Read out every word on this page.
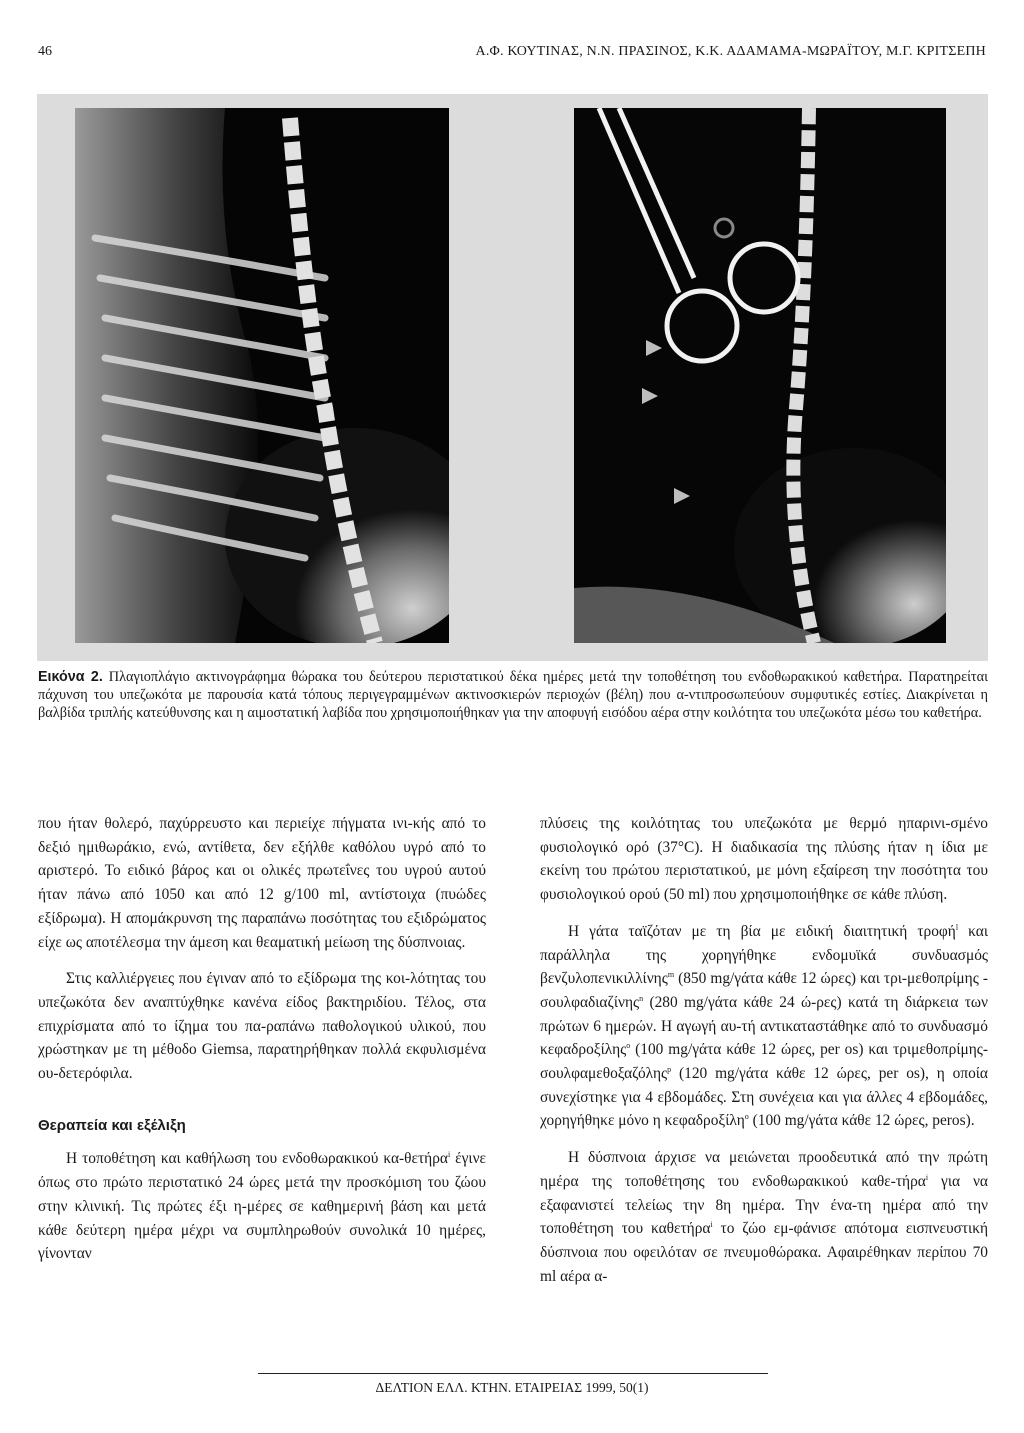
46	Α.Φ. ΚΟΥΤΙΝΑΣ, Ν.Ν. ΠΡΑΣΙΝΟΣ, Κ.Κ. ΑΔΑΜΑΜΑ-ΜΩΡΑΪΤΟΥ, Μ.Γ. ΚΡΙΤΣΕΠΗ
Εικόνα 2. Πλαγιοπλάγιο ακτινογράφημα θώρακα του δεύτερου περιστατικού δέκα ημέρες μετά την τοποθέτηση του ενδοθωρακικού καθετήρα. Παρατηρείται πάχυνση του υπεζωκότα με παρουσία κατά τόπους περιγεγραμμένων ακτινοσκιερών περιοχών (βέλη) που α-ντιπροσωπεύουν συμφυτικές εστίες. Διακρίνεται η βαλβίδα τριπλής κατεύθυνσης και η αιμοστατική λαβίδα που χρησιμοποιήθηκαν για την αποφυγή εισόδου αέρα στην κοιλότητα του υπεζωκότα μέσω του καθετήρα.

που ήταν θολερό, παχύρρευστο και περιείχε πήγματα ινι-κής από το δεξιό ημιθωράκιο, ενώ, αντίθετα, δεν εξήλθε καθόλου υγρό από το αριστερό. Το ειδικό βάρος και οι ολικές πρωτεΐνες του υγρού αυτού ήταν πάνω από 1050 και από 12 g/100 ml, αντίστοιχα (πυώδες εξίδρωμα). Η απομάκρυνση της παραπάνω ποσότητας του εξιδρώματος είχε ως αποτέλεσμα την άμεση και θεαματική μείωση της δύσπνοιας.

Στις καλλιέργειες που έγιναν από το εξίδρωμα της κοι-λότητας του υπεζωκότα δεν αναπτύχθηκε κανένα είδος βακτηριδίου. Τέλος, στα επιχρίσματα από το ίζημα του πα-ραπάνω παθολογικού υλικού, που χρώστηκαν με τη μέθοδο Giemsa, παρατηρήθηκαν πολλά εκφυλισμένα ου-δετερόφιλα.

Θεραπεία και εξέλιξη

Η τοποθέτηση και καθήλωση του ενδοθωρακικού κα-θετήρα$^i$ έγινε όπως στο πρώτο περιστατικό 24 ώρες μετά την προσκόμιση του ζώου στην κλινική. Τις πρώτες έξι η-μέρες σε καθημερινή βάση και μετά κάθε δεύτερη ημέρα μέχρι να συμπληρωθούν συνολικά 10 ημέρες, γίνονταν

πλύσεις της κοιλότητας του υπεζωκότα με θερμό ηπαρινι-σμένο φυσιολογικό ορό (37°C). Η διαδικασία της πλύσης ήταν η ίδια με εκείνη του πρώτου περιστατικού, με μόνη εξαίρεση την ποσότητα του φυσιολογικού ορού (50 ml) που χρησιμοποιήθηκε σε κάθε πλύση.

Η γάτα ταϊζόταν με τη βία με ειδική διαιτητική τροφή$^l$ και παράλληλα της χορηγήθηκε ενδομυϊκά συνδυασμός βενζυλοπενικιλλίνης$^m$ (850 mg/γάτα κάθε 12 ώρες) και τρι-μεθοπρίμης - σουλφαδιαζίνης$^n$ (280 mg/γάτα κάθε 24 ώ-ρες) κατά τη διάρκεια των πρώτων 6 ημερών. Η αγωγή αυ-τή αντικαταστάθηκε από το συνδυασμό κεφαδροξίλης$^o$ (100 mg/γάτα κάθε 12 ώρες, per os) και τριμεθοπρίμης-σουλφαμεθοξαζόλης$^p$ (120 mg/γάτα κάθε 12 ώρες, per os), η οποία συνεχίστηκε για 4 εβδομάδες. Στη συνέχεια και για άλλες 4 εβδομάδες, χορηγήθηκε μόνο η κεφαδροξίλη$^o$ (100 mg/γάτα κάθε 12 ώρες, peros).

Η δύσπνοια άρχισε να μειώνεται προοδευτικά από την πρώτη ημέρα της τοποθέτησης του ενδοθωρακικού καθε-τήρα$^i$ για να εξαφανιστεί τελείως την 8η ημέρα. Την ένα-τη ημέρα από την τοποθέτηση του καθετήρα$^i$ το ζώο εμ-φάνισε απότομα εισπνευστική δύσπνοια που οφειλόταν σε πνευμοθώρακα. Αφαιρέθηκαν περίπου 70 ml αέρα α-

ΔΕΛΤΙΟΝ ΕΛΛ. ΚΤΗΝ. ΕΤΑΙΡΕΙΑΣ 1999, 50(1)
